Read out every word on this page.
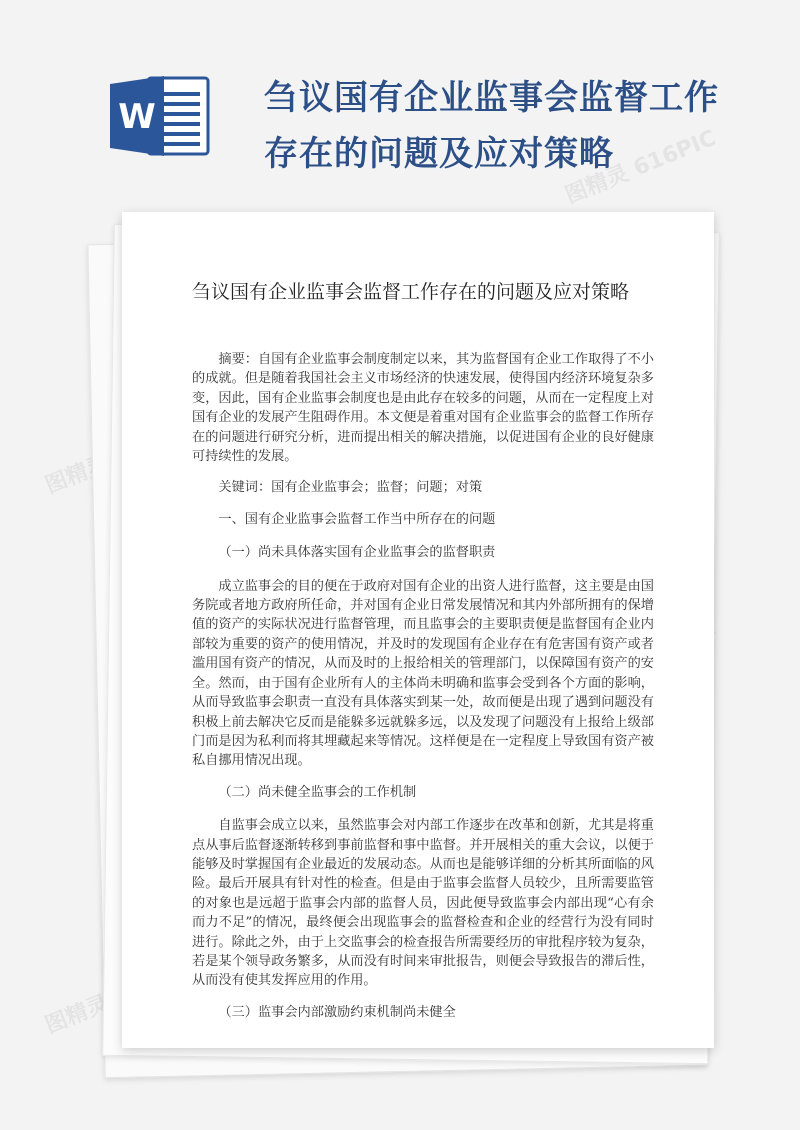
W	刍议国有企业监事会监督工作存在的问题及应对策略
图精灵 616PIC
图精灵
图精灵
刍议国有企业监事会监督工作存在的问题及应对策略

摘要：自国有企业监事会制度制定以来，其为监督国有企业工作取得了不小的成就。但是随着我国社会主义市场经济的快速发展，使得国内经济环境复杂多变，因此，国有企业监事会制度也是由此存在较多的问题，从而在一定程度上对国有企业的发展产生阻碍作用。本文便是着重对国有企业监事会的监督工作所存在的问题进行研究分析，进而提出相关的解决措施，以促进国有企业的良好健康可持续性的发展。

关键词：国有企业监事会；监督；问题；对策

一、国有企业监事会监督工作当中所存在的问题

（一）尚未具体落实国有企业监事会的监督职责

成立监事会的目的便在于政府对国有企业的出资人进行监督，这主要是由国务院或者地方政府所任命，并对国有企业日常发展情况和其内外部所拥有的保增值的资产的实际状况进行监督管理，而且监事会的主要职责便是监督国有企业内部较为重要的资产的使用情况，并及时的发现国有企业存在有危害国有资产或者滥用国有资产的情况，从而及时的上报给相关的管理部门，以保障国有资产的安全。然而，由于国有企业所有人的主体尚未明确和监事会受到各个方面的影响，从而导致监事会职责一直没有具体落实到某一处，故而便是出现了遇到问题没有积极上前去解决它反而是能躲多远就躲多远，以及发现了问题没有上报给上级部门而是因为私利而将其埋藏起来等情况。这样便是在一定程度上导致国有资产被私自挪用情况出现。

（二）尚未健全监事会的工作机制

自监事会成立以来，虽然监事会对内部工作逐步在改革和创新，尤其是将重点从事后监督逐渐转移到事前监督和事中监督。并开展相关的重大会议，以便于能够及时掌握国有企业最近的发展动态。从而也是能够详细的分析其所面临的风险。最后开展具有针对性的检查。但是由于监事会监督人员较少，且所需要监管的对象也是远超于监事会内部的监督人员，因此便导致监事会内部出现“心有余而力不足”的情况，最终便会出现监事会的监督检查和企业的经营行为没有同时进行。除此之外，由于上交监事会的检查报告所需要经历的审批程序较为复杂，若是某个领导政务繁多，从而没有时间来审批报告，则便会导致报告的滞后性，从而没有使其发挥应用的作用。

（三）监事会内部激励约束机制尚未健全
